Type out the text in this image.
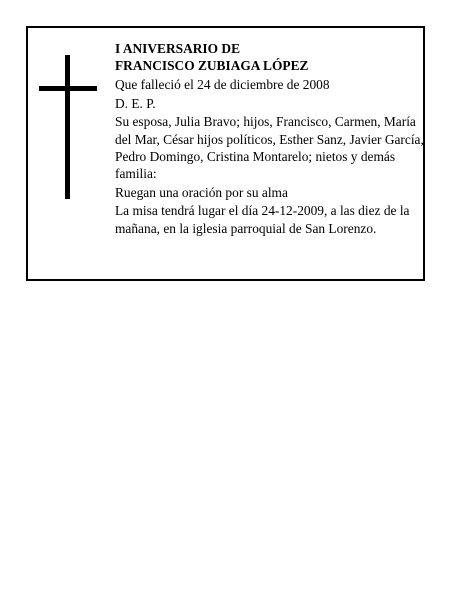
I ANIVERSARIO DE

FRANCISCO ZUBIAGA LÓPEZ

Que falleció el 24 de diciembre de 2008

D. E. P.

Su esposa, Julia Bravo; hijos, Francisco, Carmen, María del Mar, César hijos políticos, Esther Sanz, Javier García, Pedro Domingo, Cristina Montarelo; nietos y demás familia:

Ruegan una oración por su alma

La misa tendrá lugar el día 24-12-2009, a las diez de la mañana, en la iglesia parroquial de San Lorenzo.
